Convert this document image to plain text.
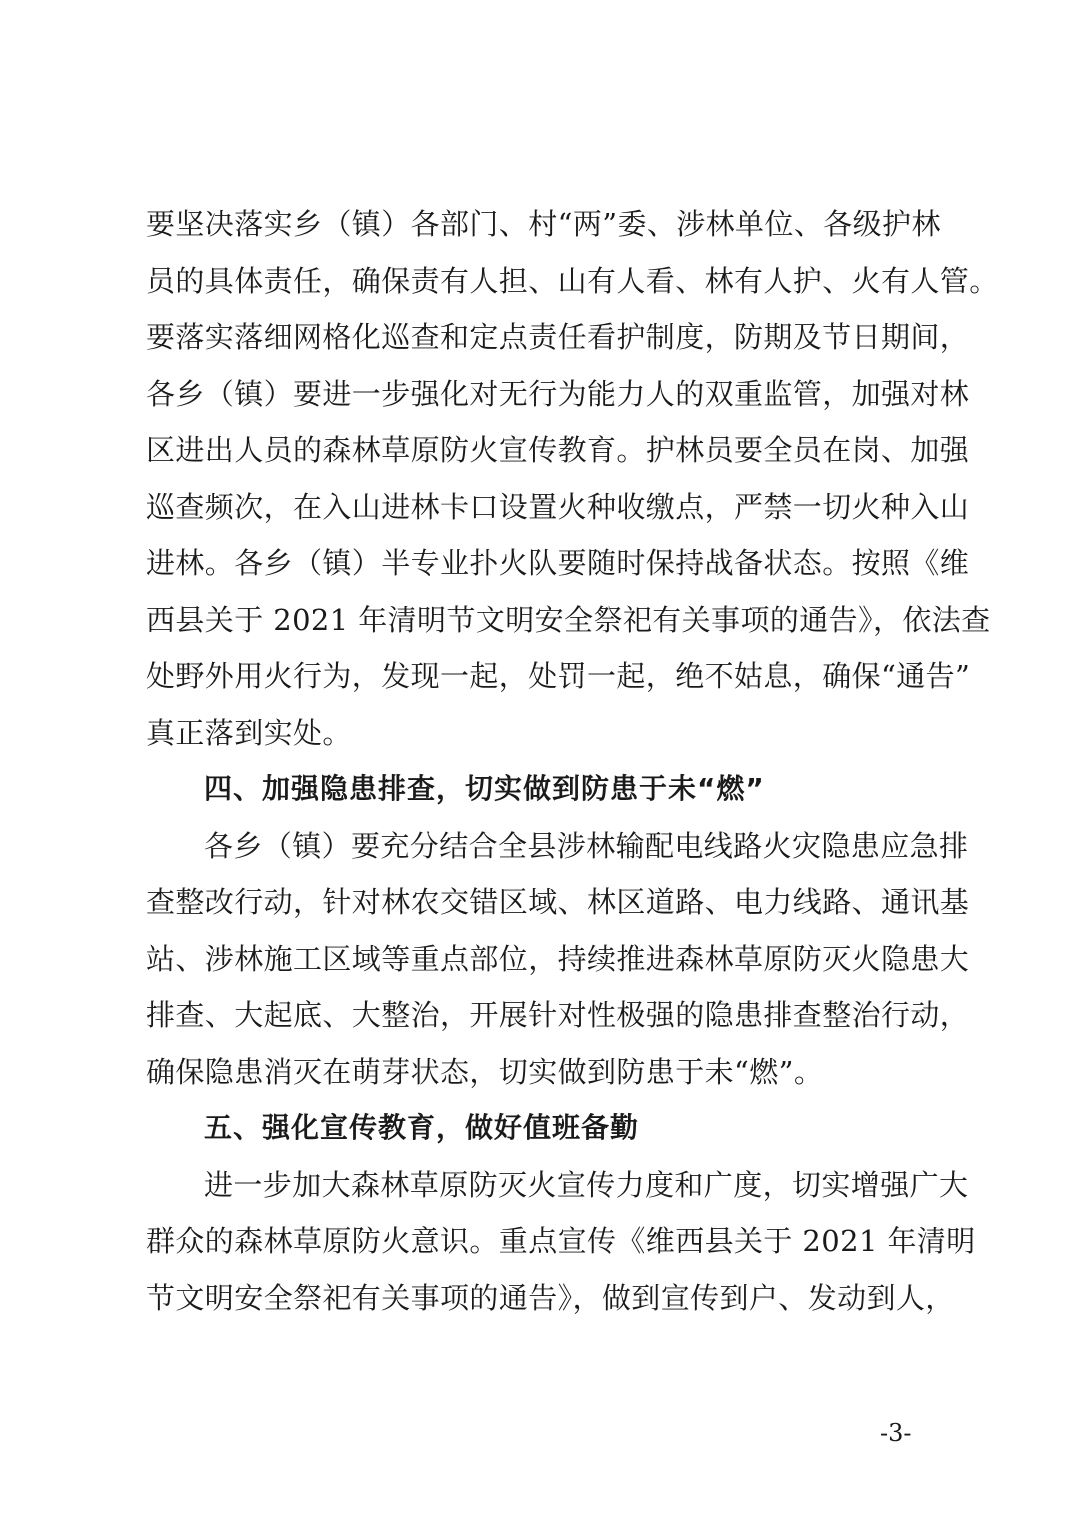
要坚决落实乡（镇）各部门、村“两”委、涉林单位、各级护林
员的具体责任，确保责有人担、山有人看、林有人护、火有人管。
要落实落细网格化巡查和定点责任看护制度，防期及节日期间，
各乡（镇）要进一步强化对无行为能力人的双重监管，加强对林
区进出人员的森林草原防火宣传教育。护林员要全员在岗、加强
巡查频次，在入山进林卡口设置火种收缴点，严禁一切火种入山
进林。各乡（镇）半专业扑火队要随时保持战备状态。按照《维
西县关于 2021 年清明节文明安全祭祀有关事项的通告》，依法查
处野外用火行为，发现一起，处罚一起，绝不姑息，确保“通告”
真正落到实处。
四、加强隐患排查，切实做到防患于未“燃”
各乡（镇）要充分结合全县涉林输配电线路火灾隐患应急排
查整改行动，针对林农交错区域、林区道路、电力线路、通讯基
站、涉林施工区域等重点部位，持续推进森林草原防灭火隐患大
排查、大起底、大整治，开展针对性极强的隐患排查整治行动，
确保隐患消灭在萌芽状态，切实做到防患于未“燃”。
五、强化宣传教育，做好值班备勤
进一步加大森林草原防灭火宣传力度和广度，切实增强广大
群众的森林草原防火意识。重点宣传《维西县关于 2021 年清明
节文明安全祭祀有关事项的通告》，做到宣传到户、发动到人，
-3-
